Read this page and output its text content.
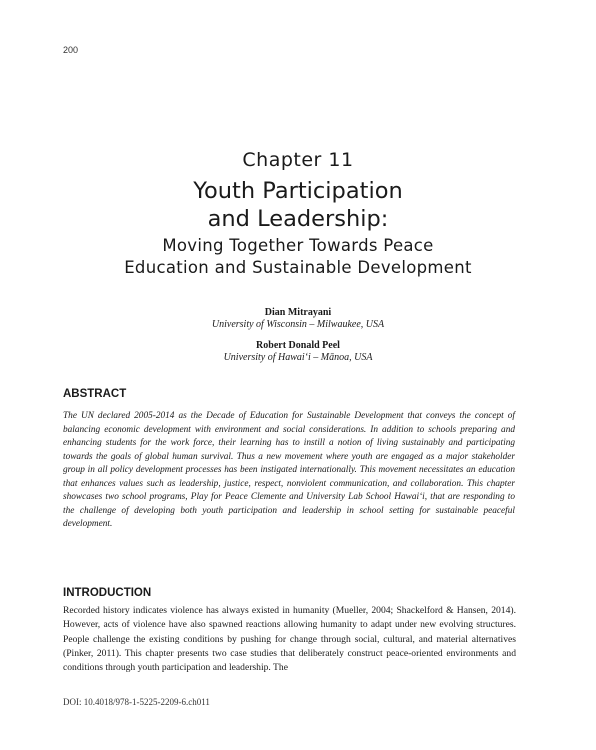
200
Chapter 11
Youth Participation
and Leadership:
Moving Together Towards Peace
Education and Sustainable Development
Dian Mitrayani
University of Wisconsin – Milwaukee, USA
Robert Donald Peel
University of Hawai‘i – Mānoa, USA
ABSTRACT

The UN declared 2005-2014 as the Decade of Education for Sustainable Development that conveys the concept of balancing economic development with environment and social considerations. In addition to schools preparing and enhancing students for the work force, their learning has to instill a notion of living sustainably and participating towards the goals of global human survival. Thus a new movement where youth are engaged as a major stakeholder group in all policy development processes has been instigated internationally. This movement necessitates an education that enhances values such as leadership, justice, respect, nonviolent communication, and collaboration. This chapter showcases two school programs, Play for Peace Clemente and University Lab School Hawai‘i, that are responding to the challenge of developing both youth participation and leadership in school setting for sustainable peaceful development.

INTRODUCTION

Recorded history indicates violence has always existed in humanity (Mueller, 2004; Shackelford & Hansen, 2014). However, acts of violence have also spawned reactions allowing humanity to adapt under new evolving structures. People challenge the existing conditions by pushing for change through social, cultural, and material alternatives (Pinker, 2011). This chapter presents two case studies that deliberately construct peace-oriented environments and conditions through youth participation and leadership. The

DOI: 10.4018/978-1-5225-2209-6.ch011
